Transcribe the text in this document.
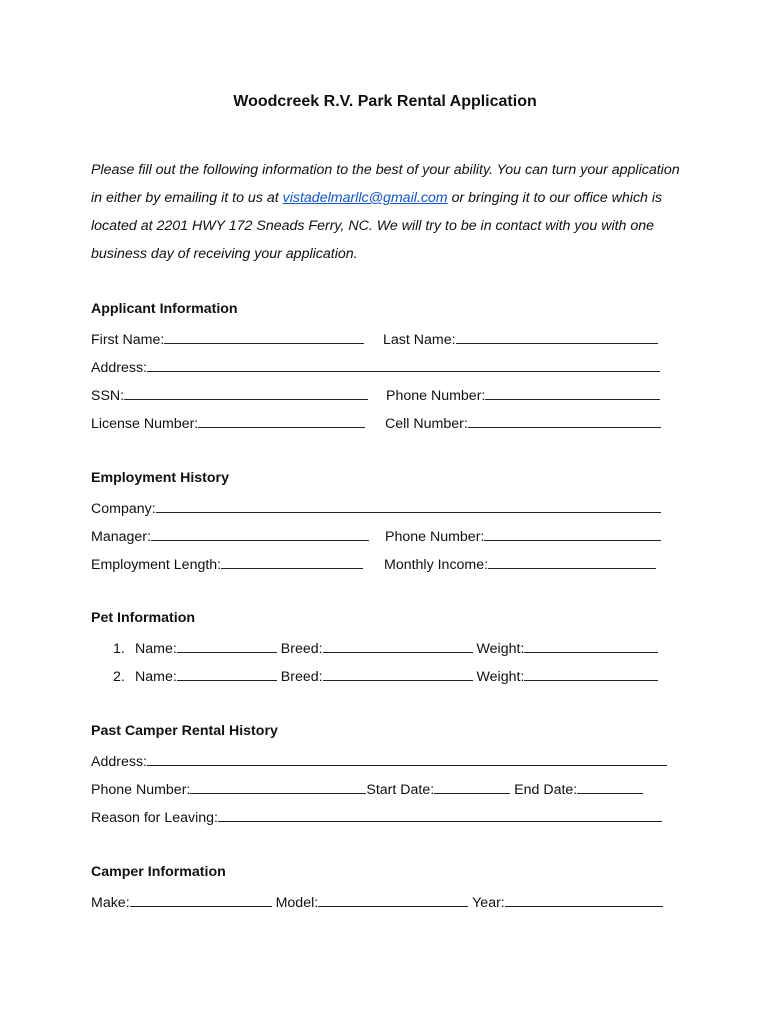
Woodcreek R.V. Park Rental Application
Please fill out the following information to the best of your ability. You can turn your application in either by emailing it to us at vistadelmarllc@gmail.com or bringing it to our office which is located at 2201 HWY 172 Sneads Ferry, NC. We will try to be in contact with you with one business day of receiving your application.
Applicant Information
First Name:	Last Name:
Address:
SSN:	Phone Number:
License Number:	Cell Number:
Employment History
Company:
Manager:	Phone Number:
Employment Length:	Monthly Income:
Pet Information
1. Name:	Breed:	Weight:
2. Name:	Breed:	Weight:
Past Camper Rental History
Address:
Phone Number:	Start Date:	End Date:
Reason for Leaving:
Camper Information
Make:	Model:	Year:
